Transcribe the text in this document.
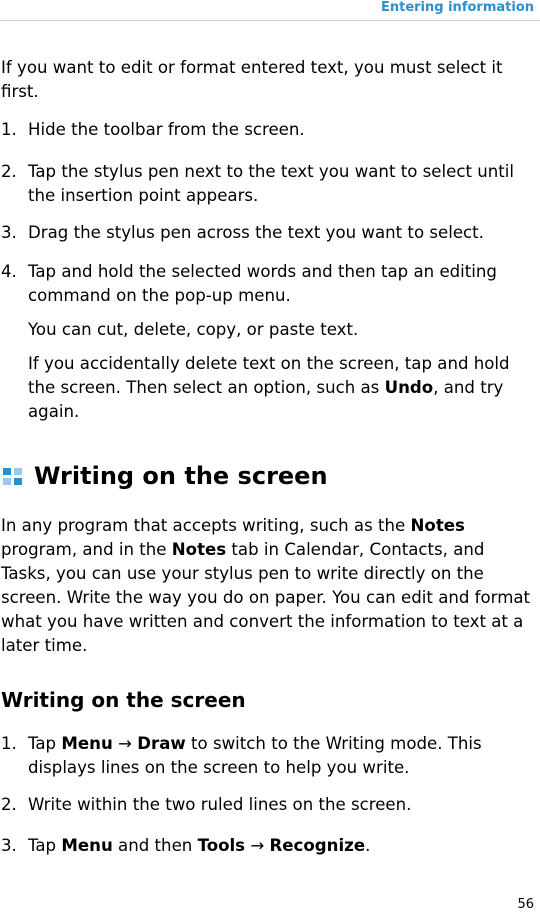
Entering information

If you want to edit or format entered text, you must select it first.

1. Hide the toolbar from the screen.
2. Tap the stylus pen next to the text you want to select until the insertion point appears.
3. Drag the stylus pen across the text you want to select.
4. Tap and hold the selected words and then tap an editing command on the pop-up menu.
You can cut, delete, copy, or paste text.
If you accidentally delete text on the screen, tap and hold the screen. Then select an option, such as Undo, and try again.
Writing on the screen

In any program that accepts writing, such as the Notes program, and in the Notes tab in Calendar, Contacts, and Tasks, you can use your stylus pen to write directly on the screen. Write the way you do on paper. You can edit and format what you have written and convert the information to text at a later time.

Writing on the screen
1. Tap Menu → Draw to switch to the Writing mode. This displays lines on the screen to help you write.
2. Write within the two ruled lines on the screen.
3. Tap Menu and then Tools → Recognize.
56
